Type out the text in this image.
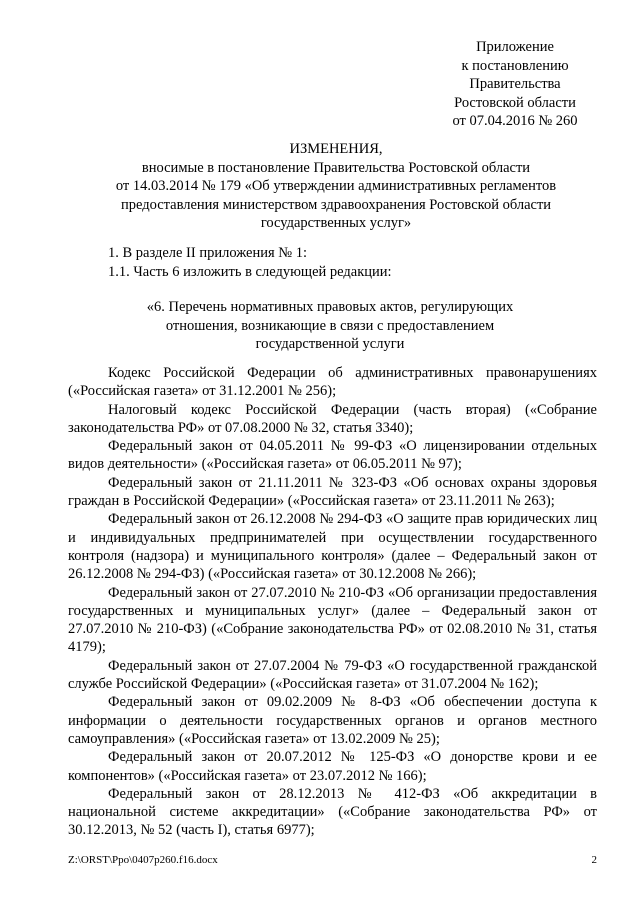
Приложение
к постановлению
Правительства
Ростовской области
от 07.04.2016 № 260
ИЗМЕНЕНИЯ,
вносимые в постановление Правительства Ростовской области
от 14.03.2014 № 179 «Об утверждении административных регламентов
предоставления министерством здравоохранения Ростовской области
государственных услуг»
1. В разделе II приложения № 1:
1.1. Часть 6 изложить в следующей редакции:
«6. Перечень нормативных правовых актов, регулирующих
отношения, возникающие в связи с предоставлением
государственной услуги

Кодекс Российской Федерации об административных правонарушениях («Российская газета» от 31.12.2001 № 256);

Налоговый кодекс Российской Федерации (часть вторая) («Собрание законодательства РФ» от 07.08.2000 № 32, статья 3340);

Федеральный закон от 04.05.2011 № 99-ФЗ «О лицензировании отдельных видов деятельности» («Российская газета» от 06.05.2011 № 97);

Федеральный закон от 21.11.2011 № 323-ФЗ «Об основах охраны здоровья граждан в Российской Федерации» («Российская газета» от 23.11.2011 № 263);

Федеральный закон от 26.12.2008 № 294-ФЗ «О защите прав юридических лиц и индивидуальных предпринимателей при осуществлении государственного контроля (надзора) и муниципального контроля» (далее – Федеральный закон от 26.12.2008 № 294-ФЗ) («Российская газета» от 30.12.2008 № 266);

Федеральный закон от 27.07.2010 № 210-ФЗ «Об организации предоставления государственных и муниципальных услуг» (далее – Федеральный закон от 27.07.2010 № 210-ФЗ) («Собрание законодательства РФ» от 02.08.2010 № 31, статья 4179);

Федеральный закон от 27.07.2004 № 79-ФЗ «О государственной гражданской службе Российской Федерации» («Российская газета» от 31.07.2004 № 162);

Федеральный закон от 09.02.2009 № 8-ФЗ «Об обеспечении доступа к информации о деятельности государственных органов и органов местного самоуправления» («Российская газета» от 13.02.2009 № 25);

Федеральный закон от 20.07.2012 № 125-ФЗ «О донорстве крови и ее компонентов» («Российская газета» от 23.07.2012 № 166);

Федеральный закон от 28.12.2013 № 412-ФЗ «Об аккредитации в национальной системе аккредитации» («Собрание законодательства РФ» от 30.12.2013, № 52 (часть I), статья 6977);

Z:\ORST\Ppo\0407p260.f16.docx	2
